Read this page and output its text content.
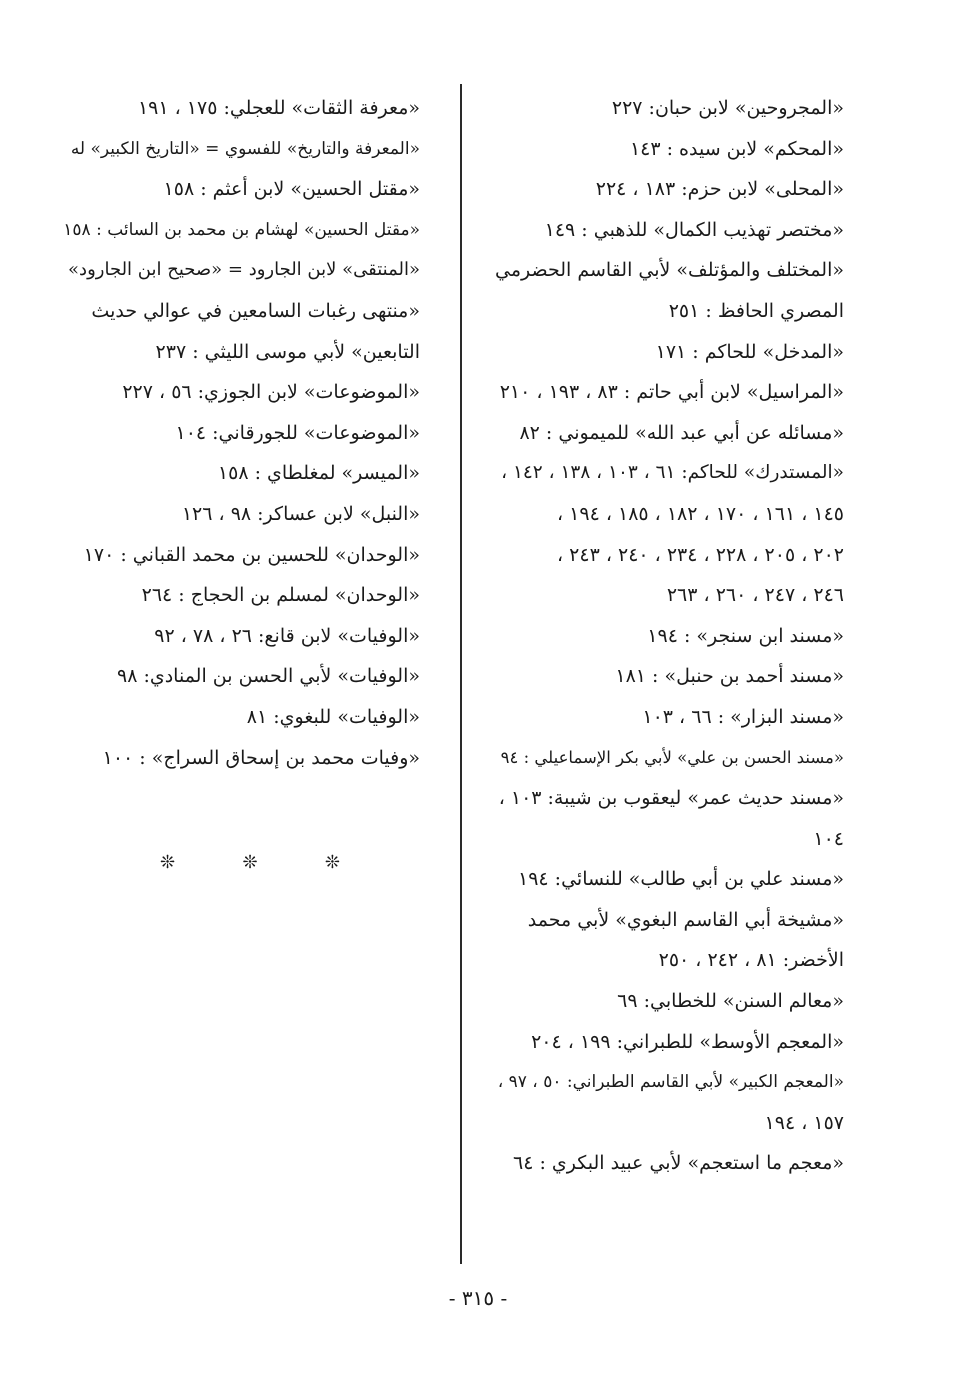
«المجروحين» لابن حبان: ٢٢٧
«المحكم» لابن سيده : ١٤٣
«المحلى» لابن حزم: ١٨٣ ، ٢٢٤
«مختصر تهذيب الكمال» للذهبي : ١٤٩
«المختلف والمؤتلف» لأبي القاسم الحضرمي
المصري الحافظ : ٢٥١
«المدخل» للحاكم : ١٧١
«المراسيل» لابن أبي حاتم : ٨٣ ، ١٩٣ ، ٢١٠
«مسائله عن أبي عبد الله» للميموني : ٨٢
«المستدرك» للحاكم: ٦١ ، ١٠٣ ، ١٣٨ ، ١٤٢ ،
١٤٥ ، ١٦١ ، ١٧٠ ، ١٨٢ ، ١٨٥ ، ١٩٤ ،
٢٠٢ ، ٢٠٥ ، ٢٢٨ ، ٢٣٤ ، ٢٤٠ ، ٢٤٣ ،
٢٤٦ ، ٢٤٧ ، ٢٦٠ ، ٢٦٣
«مسند ابن سنجر» : ١٩٤
«مسند أحمد بن حنبل» : ١٨١
«مسند البزار» : ٦٦ ، ١٠٣
«مسند الحسن بن علي» لأبي بكر الإسماعيلي : ٩٤
«مسند حديث عمر» ليعقوب بن شيبة: ١٠٣ ،
١٠٤
«مسند علي بن أبي طالب» للنسائي: ١٩٤
«مشيخة أبي القاسم البغوي» لأبي محمد
الأخضر: ٨١ ، ٢٤٢ ، ٢٥٠
«معالم السنن» للخطابي: ٦٩
«المعجم الأوسط» للطبراني: ١٩٩ ، ٢٠٤
«المعجم الكبير» لأبي القاسم الطبراني: ٥٠ ، ٩٧ ،
١٥٧ ، ١٩٤
«معجم ما استعجم» لأبي عبيد البكري : ٦٤
«معرفة الثقات» للعجلي: ١٧٥ ، ١٩١
«المعرفة والتاريخ» للفسوي = «التاريخ الكبير» له
«مقتل الحسين» لابن أعثم : ١٥٨
«مقتل الحسين» لهشام بن محمد بن السائب : ١٥٨
«المنتقى» لابن الجارود = «صحيح ابن الجارود»
«منتهى رغبات السامعين في عوالي حديث
التابعين» لأبي موسى الليثي : ٢٣٧
«الموضوعات» لابن الجوزي: ٥٦ ، ٢٢٧
«الموضوعات» للجورقاني: ١٠٤
«الميسر» لمغلطاي : ١٥٨
«النبل» لابن عساكر: ٩٨ ، ١٢٦
«الوحدان» للحسين بن محمد القباني : ١٧٠
«الوحدان» لمسلم بن الحجاج : ٢٦٤
«الوفيات» لابن قانع: ٢٦ ، ٧٨ ، ٩٢
«الوفيات» لأبي الحسن بن المنادي: ٩٨
«الوفيات» للبغوي: ٨١
«وفيات محمد بن إسحاق السراج» : ١٠٠
❊	❊	❊
- ٣١٥ -
